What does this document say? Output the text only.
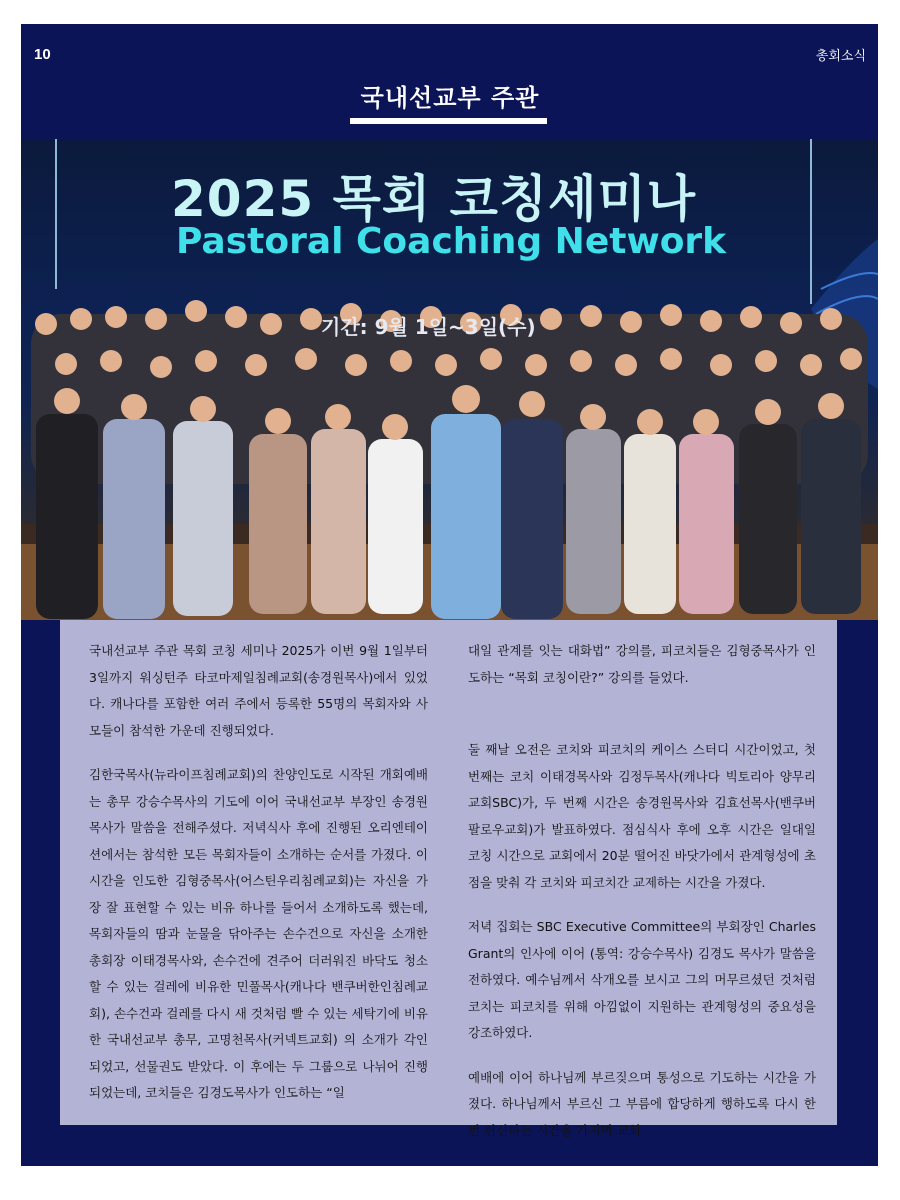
10	총회소식
국내선교부 주관
2025 목회 코칭세미나
Pastoral Coaching Network
기간: 9월 1일~3일(수)

국내선교부 주관 목회 코칭 세미나 2025가 이번 9월 1일부터 3일까지 워싱턴주 타코마제일침례교회(송경원목사)에서 있었다. 캐나다를 포함한 여러 주에서 등록한 55명의 목회자와 사모들이 참석한 가운데 진행되었다.

김한국목사(뉴라이프침례교회)의 찬양인도로 시작된 개회예배는 총무 강승수목사의 기도에 이어 국내선교부 부장인 송경원목사가 말씀을 전해주셨다. 저녁식사 후에 진행된 오리엔테이션에서는 참석한 모든 목회자들이 소개하는 순서를 가졌다. 이 시간을 인도한 김형중목사(어스틴우리침례교회)는 자신을 가장 잘 표현할 수 있는 비유 하나를 들어서 소개하도록 했는데, 목회자들의 땀과 눈물을 닦아주는 손수건으로 자신을 소개한 총회장 이태경목사와, 손수건에 견주어 더러워진 바닥도 청소할 수 있는 걸레에 비유한 민풀목사(캐나다 밴쿠버한인침례교회), 손수건과 걸레를 다시 새 것처럼 빨 수 있는 세탁기에 비유한 국내선교부 총무, 고명천목사(커넥트교회) 의 소개가 각인되었고, 선물권도 받았다. 이 후에는 두 그룹으로 나뉘어 진행되었는데, 코치들은 김경도목사가 인도하는 “일

대일 관계를 잇는 대화법” 강의를, 피코치들은 김형중목사가 인도하는 “목회 코칭이란?” 강의를 들었다.

둘 째날 오전은 코치와 피코치의 케이스 스터디 시간이었고, 첫 번째는 코치 이태경목사와 김정두목사(캐나다 빅토리아 양무리교회SBC)가, 두 번째 시간은 송경원목사와 김효선목사(밴쿠버 팔로우교회)가 발표하였다. 점심식사 후에 오후 시간은 일대일 코칭 시간으로 교회에서 20분 떨어진 바닷가에서 관계형성에 초점을 맞춰 각 코치와 피코치간 교제하는 시간을 가졌다.

저녁 집회는 SBC Executive Committee의 부회장인 Charles Grant의 인사에 이어 (통역: 강승수목사) 김경도 목사가 말씀을 전하였다. 예수님께서 삭개오를 보시고 그의 머무르셨던 것처럼 코치는 피코치를 위해 아낌없이 지원하는 관계형성의 중요성을 강조하였다.

예배에 이어 하나님께 부르짖으며 통성으로 기도하는 시간을 가졌다. 하나님께서 부르신 그 부름에 합당하게 행하도록 다시 한번 헌신하는 시간을 가지며 교회
